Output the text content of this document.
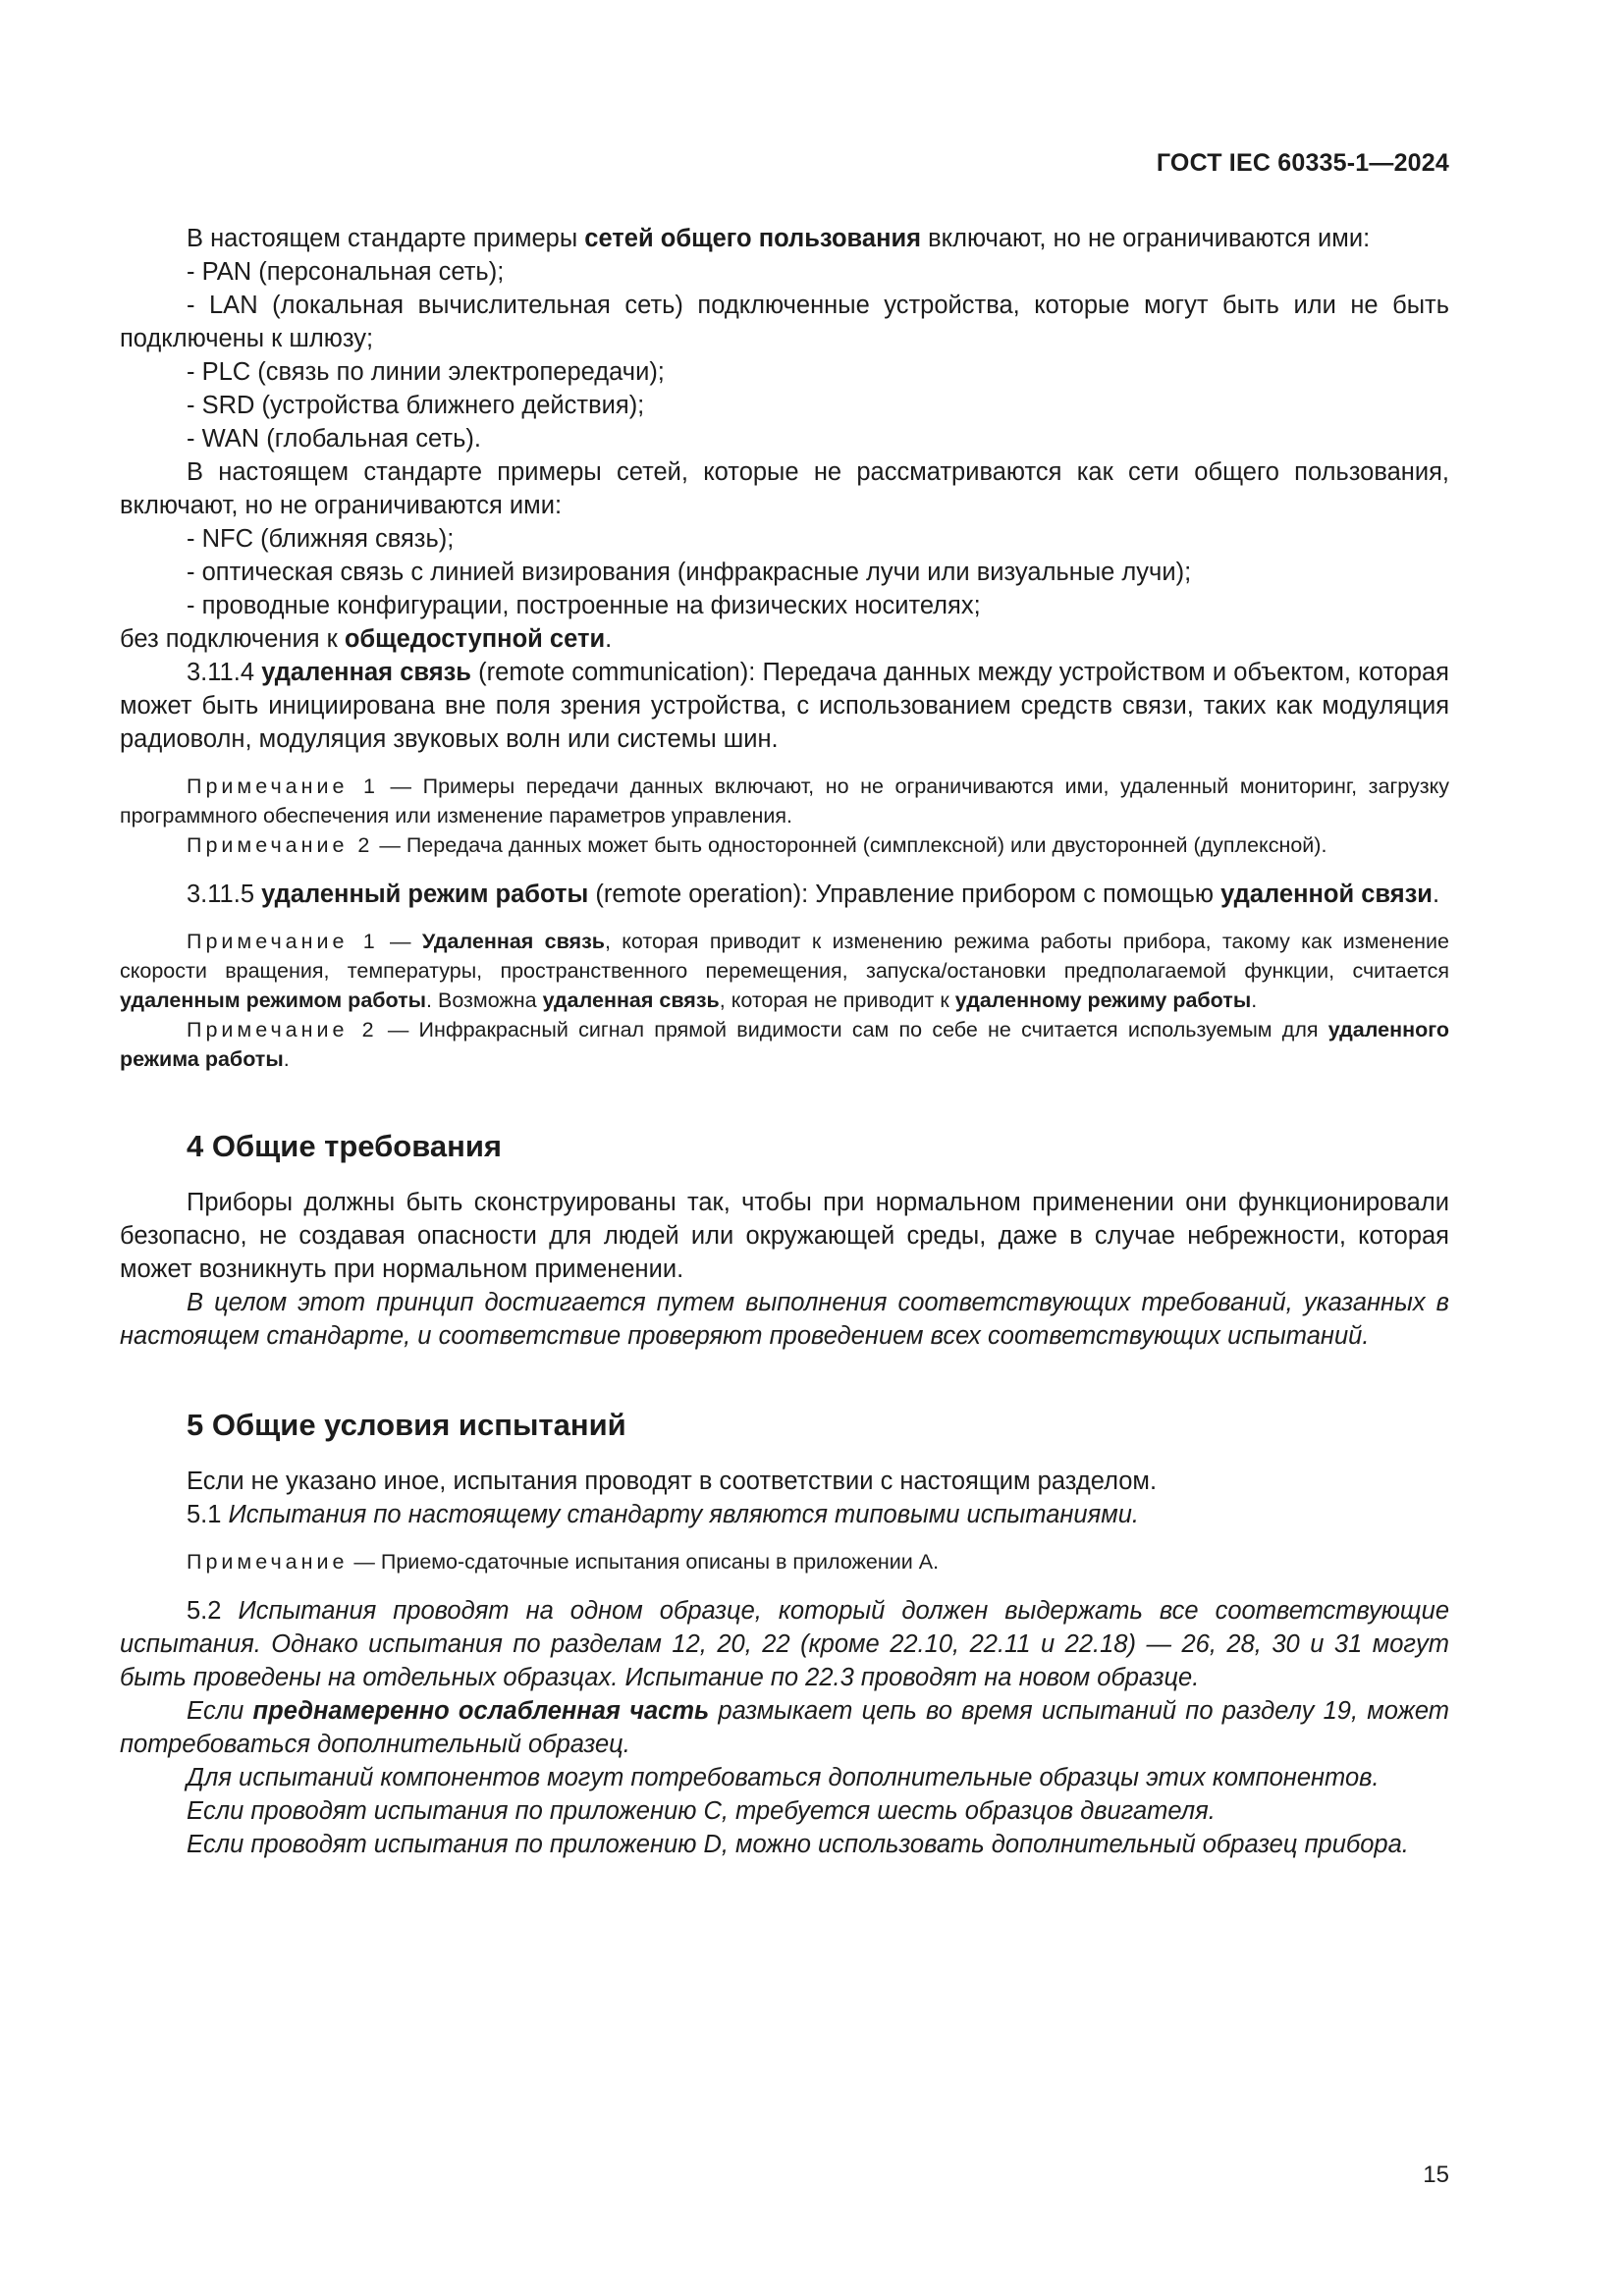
ГОСТ IEC 60335-1—2024

В настоящем стандарте примеры сетей общего пользования включают, но не ограничиваются ими:

- PAN (персональная сеть);

- LAN (локальная вычислительная сеть) подключенные устройства, которые могут быть или не быть подключены к шлюзу;

- PLC (связь по линии электропередачи);

- SRD (устройства ближнего действия);

- WAN (глобальная сеть).

В настоящем стандарте примеры сетей, которые не рассматриваются как сети общего пользования, включают, но не ограничиваются ими:

- NFC (ближняя связь);

- оптическая связь с линией визирования (инфракрасные лучи или визуальные лучи);

- проводные конфигурации, построенные на физических носителях;

без подключения к общедоступной сети.

3.11.4 удаленная связь (remote communication): Передача данных между устройством и объектом, которая может быть инициирована вне поля зрения устройства, с использованием средств связи, таких как модуляция радиоволн, модуляция звуковых волн или системы шин.

Примечание 1 — Примеры передачи данных включают, но не ограничиваются ими, удаленный мониторинг, загрузку программного обеспечения или изменение параметров управления.

Примечание 2 — Передача данных может быть односторонней (симплексной) или двусторонней (дуплексной).

3.11.5 удаленный режим работы (remote operation): Управление прибором с помощью удаленной связи.

Примечание 1 — Удаленная связь, которая приводит к изменению режима работы прибора, такому как изменение скорости вращения, температуры, пространственного перемещения, запуска/остановки предполагаемой функции, считается удаленным режимом работы. Возможна удаленная связь, которая не приводит к удаленному режиму работы.

Примечание 2 — Инфракрасный сигнал прямой видимости сам по себе не считается используемым для удаленного режима работы.

4 Общие требования

Приборы должны быть сконструированы так, чтобы при нормальном применении они функционировали безопасно, не создавая опасности для людей или окружающей среды, даже в случае небрежности, которая может возникнуть при нормальном применении.

В целом этот принцип достигается путем выполнения соответствующих требований, указанных в настоящем стандарте, и соответствие проверяют проведением всех соответствующих испытаний.

5 Общие условия испытаний

Если не указано иное, испытания проводят в соответствии с настоящим разделом.

5.1 Испытания по настоящему стандарту являются типовыми испытаниями.

Примечание — Приемо-сдаточные испытания описаны в приложении А.

5.2 Испытания проводят на одном образце, который должен выдержать все соответствующие испытания. Однако испытания по разделам 12, 20, 22 (кроме 22.10, 22.11 и 22.18) — 26, 28, 30 и 31 могут быть проведены на отдельных образцах. Испытание по 22.3 проводят на новом образце.

Если преднамеренно ослабленная часть размыкает цепь во время испытаний по разделу 19, может потребоваться дополнительный образец.

Для испытаний компонентов могут потребоваться дополнительные образцы этих компонентов.

Если проводят испытания по приложению С, требуется шесть образцов двигателя.

Если проводят испытания по приложению D, можно использовать дополнительный образец прибора.

15
